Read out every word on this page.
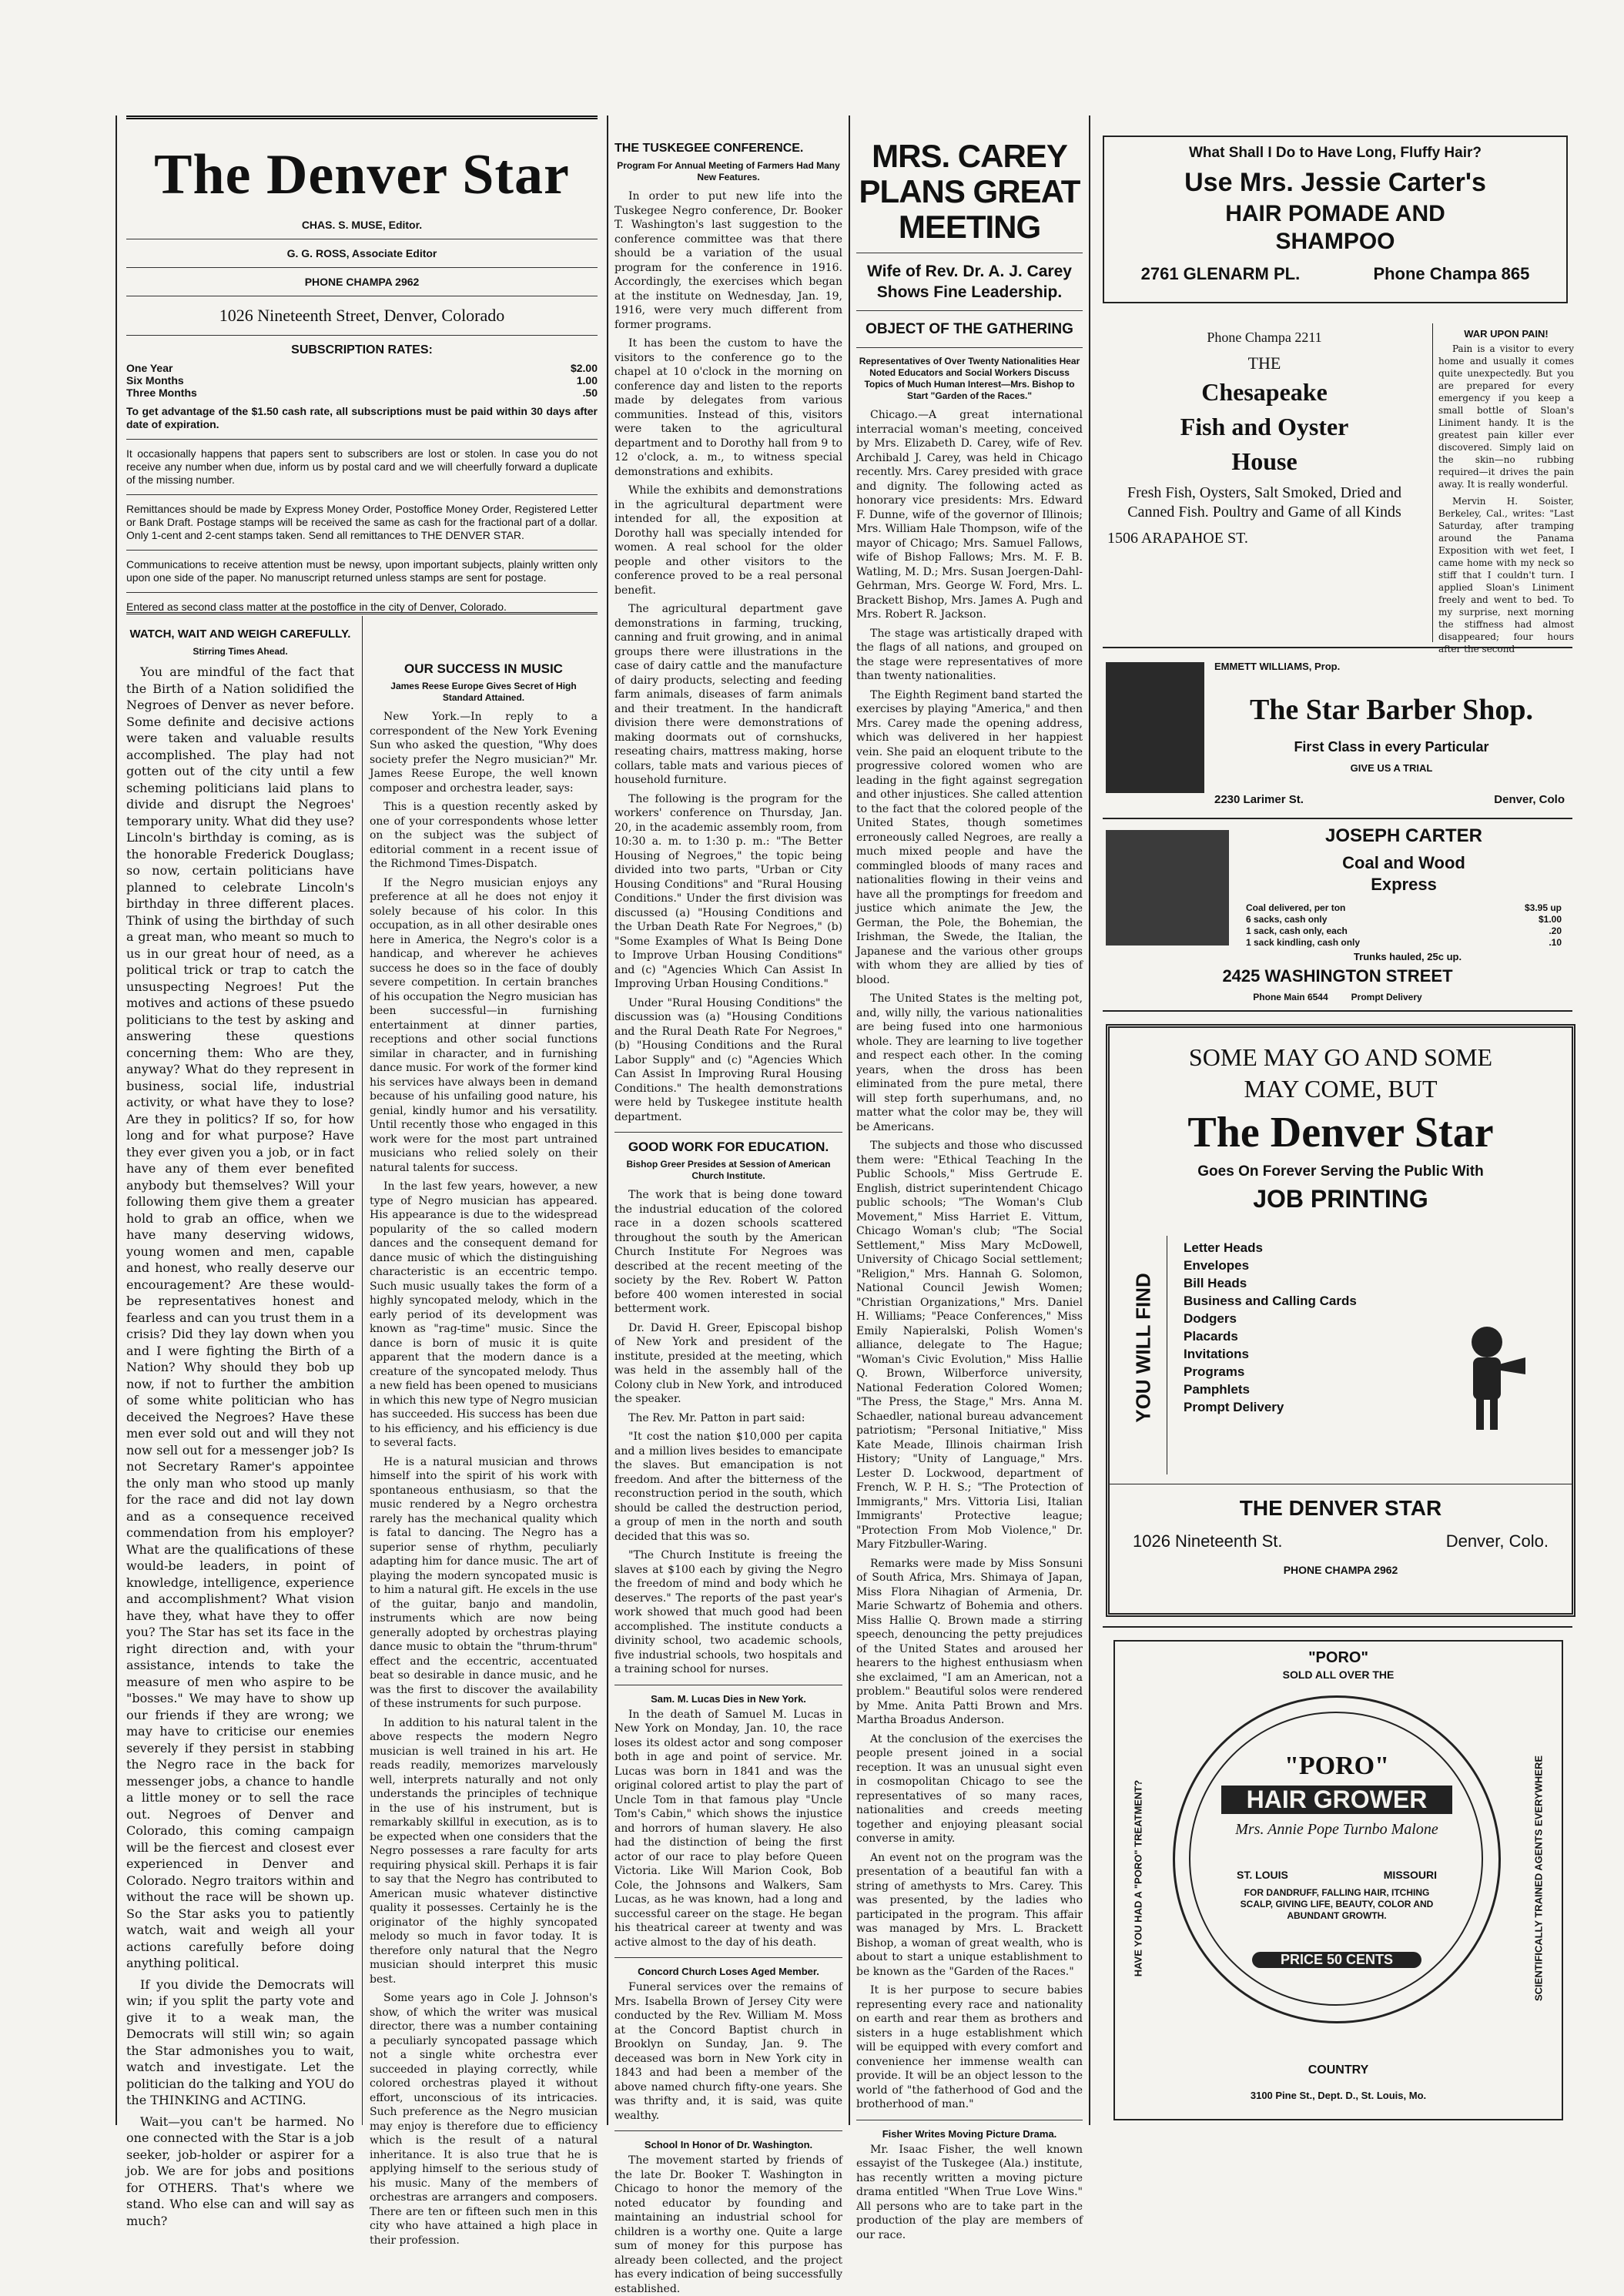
The Denver Star
CHAS. S. MUSE, Editor.
G. G. ROSS, Associate Editor
PHONE CHAMPA 2962
1026 Nineteenth Street, Denver, Colorado
SUBSCRIPTION RATES:
One Year	$2.00
Six Months	1.00
Three Months	.50
To get advantage of the $1.50 cash rate, all subscriptions must be paid within 30 days after date of expiration.
It occasionally happens that papers sent to subscribers are lost or stolen. In case you do not receive any number when due, inform us by postal card and we will cheerfully forward a duplicate of the missing number.
Remittances should be made by Express Money Order, Postoffice Money Order, Registered Letter or Bank Draft. Postage stamps will be received the same as cash for the fractional part of a dollar. Only 1-cent and 2-cent stamps taken. Send all remittances to THE DENVER STAR.
Communications to receive attention must be newsy, upon important subjects, plainly written only upon one side of the paper. No manuscript returned unless stamps are sent for postage.
Entered as second class matter at the postoffice in the city of Denver, Colorado.
WATCH, WAIT AND WEIGH CAREFULLY.
Stirring Times Ahead.

You are mindful of the fact that the Birth of a Nation solidified the Negroes of Denver as never before. Some definite and decisive actions were taken and valuable results accomplished. The play had not gotten out of the city until a few scheming politicians laid plans to divide and disrupt the Negroes' temporary unity. What did they use? Lincoln's birthday is coming, as is the honorable Frederick Douglass; so now, certain politicians have planned to celebrate Lincoln's birthday in three different places. Think of using the birthday of such a great man, who meant so much to us in our great hour of need, as a political trick or trap to catch the unsuspecting Negroes! Put the motives and actions of these psuedo politicians to the test by asking and answering these questions concerning them: Who are they, anyway? What do they represent in business, social life, industrial activity, or what have they to lose? Are they in politics? If so, for how long and for what purpose? Have they ever given you a job, or in fact have any of them ever benefited anybody but themselves? Will your following them give them a greater hold to grab an office, when we have many deserving widows, young women and men, capable and honest, who really deserve our encouragement? Are these would-be representatives honest and fearless and can you trust them in a crisis? Did they lay down when you and I were fighting the Birth of a Nation? Why should they bob up now, if not to further the ambition of some white politician who has deceived the Negroes? Have these men ever sold out and will they not now sell out for a messenger job? Is not Secretary Ramer's appointee the only man who stood up manly for the race and did not lay down and as a consequence received commendation from his employer? What are the qualifications of these would-be leaders, in point of knowledge, intelligence, experience and accomplishment? What vision have they, what have they to offer you? The Star has set its face in the right direction and, with your assistance, intends to take the measure of men who aspire to be "bosses." We may have to show up our friends if they are wrong; we may have to criticise our enemies severely if they persist in stabbing the Negro race in the back for messenger jobs, a chance to handle a little money or to sell the race out. Negroes of Denver and Colorado, this coming campaign will be the fiercest and closest ever experienced in Denver and Colorado. Negro traitors within and without the race will be shown up. So the Star asks you to patiently watch, wait and weigh all your actions carefully before doing anything political.

If you divide the Democrats will win; if you split the party vote and give it to a weak man, the Democrats will still win; so again the Star admonishes you to wait, watch and investigate. Let the politician do the talking and YOU do the THINKING and ACTING.

Wait—you can't be harmed. No one connected with the Star is a job seeker, job-holder or aspirer for a job. We are for jobs and positions for OTHERS. That's where we stand. Who else can and will say as much?

OUR SUCCESS IN MUSIC
James Reese Europe Gives Secret of High Standard Attained.

New York.—In reply to a correspondent of the New York Evening Sun who asked the question, "Why does society prefer the Negro musician?" Mr. James Reese Europe, the well known composer and orchestra leader, says:

This is a question recently asked by one of your correspondents whose letter on the subject was the subject of editorial comment in a recent issue of the Richmond Times-Dispatch.

If the Negro musician enjoys any preference at all he does not enjoy it solely because of his color. In this occupation, as in all other desirable ones here in America, the Negro's color is a handicap, and wherever he achieves success he does so in the face of doubly severe competition. In certain branches of his occupation the Negro musician has been successful—in furnishing entertainment at dinner parties, receptions and other social functions similar in character, and in furnishing dance music. For work of the former kind his services have always been in demand because of his unfailing good nature, his genial, kindly humor and his versatility. Until recently those who engaged in this work were for the most part untrained musicians who relied solely on their natural talents for success.

In the last few years, however, a new type of Negro musician has appeared. His appearance is due to the widespread popularity of the so called modern dances and the consequent demand for dance music of which the distinguishing characteristic is an eccentric tempo. Such music usually takes the form of a highly syncopated melody, which in the early period of its development was known as "rag-time" music. Since the dance is born of music it is quite apparent that the modern dance is a creature of the syncopated melody. Thus a new field has been opened to musicians in which this new type of Negro musician has succeeded. His success has been due to his efficiency, and his efficiency is due to several facts.

He is a natural musician and throws himself into the spirit of his work with spontaneous enthusiasm, so that the music rendered by a Negro orchestra rarely has the mechanical quality which is fatal to dancing. The Negro has a superior sense of rhythm, peculiarly adapting him for dance music. The art of playing the modern syncopated music is to him a natural gift. He excels in the use of the guitar, banjo and mandolin, instruments which are now being generally adopted by orchestras playing dance music to obtain the "thrum-thrum" effect and the eccentric, accentuated beat so desirable in dance music, and he was the first to discover the availability of these instruments for such purpose.

In addition to his natural talent in the above respects the modern Negro musician is well trained in his art. He reads readily, memorizes marvelously well, interprets naturally and not only understands the principles of technique in the use of his instrument, but is remarkably skillful in execution, as is to be expected when one considers that the Negro possesses a rare faculty for arts requiring physical skill. Perhaps it is fair to say that the Negro has contributed to American music whatever distinctive quality it possesses. Certainly he is the originator of the highly syncopated melody so much in favor today. It is therefore only natural that the Negro musician should interpret this music best.

Some years ago in Cole J. Johnson's show, of which the writer was musical director, there was a number containing a peculiarly syncopated passage which not a single white orchestra ever succeeded in playing correctly, while colored orchestras played it without effort, unconscious of its intricacies. Such preference as the Negro musician may enjoy is therefore due to efficiency which is the result of a natural inheritance. It is also true that he is applying himself to the serious study of his music. Many of the members of orchestras are arrangers and composers. There are ten or fifteen such men in this city who have attained a high place in their profession.

THE TUSKEGEE CONFERENCE.
Program For Annual Meeting of Farmers Had Many New Features.

In order to put new life into the Tuskegee Negro conference, Dr. Booker T. Washington's last suggestion to the conference committee was that there should be a variation of the usual program for the conference in 1916. Accordingly, the exercises which began at the institute on Wednesday, Jan. 19, 1916, were very much different from former programs.

It has been the custom to have the visitors to the conference go to the chapel at 10 o'clock in the morning on conference day and listen to the reports made by delegates from various communities. Instead of this, visitors were taken to the agricultural department and to Dorothy hall from 9 to 12 o'clock, a. m., to witness special demonstrations and exhibits.

While the exhibits and demonstrations in the agricultural department were intended for all, the exposition at Dorothy hall was specially intended for women. A real school for the older people and other visitors to the conference proved to be a real personal benefit.

The agricultural department gave demonstrations in farming, trucking, canning and fruit growing, and in animal groups there were illustrations in the case of dairy cattle and the manufacture of dairy products, selecting and feeding farm animals, diseases of farm animals and their treatment. In the handicraft division there were demonstrations of making doormats out of cornshucks, reseating chairs, mattress making, horse collars, table mats and various pieces of household furniture.

The following is the program for the workers' conference on Thursday, Jan. 20, in the academic assembly room, from 10:30 a. m. to 1:30 p. m.: "The Better Housing of Negroes," the topic being divided into two parts, "Urban or City Housing Conditions" and "Rural Housing Conditions." Under the first division was discussed (a) "Housing Conditions and the Urban Death Rate For Negroes," (b) "Some Examples of What Is Being Done to Improve Urban Housing Conditions" and (c) "Agencies Which Can Assist In Improving Urban Housing Conditions."

Under "Rural Housing Conditions" the discussion was (a) "Housing Conditions and the Rural Death Rate For Negroes," (b) "Housing Conditions and the Rural Labor Supply" and (c) "Agencies Which Can Assist In Improving Rural Housing Conditions." The health demonstrations were held by Tuskegee institute health department.

GOOD WORK FOR EDUCATION.
Bishop Greer Presides at Session of American Church Institute.

The work that is being done toward the industrial education of the colored race in a dozen schools scattered throughout the south by the American Church Institute For Negroes was described at the recent meeting of the society by the Rev. Robert W. Patton before 400 women interested in social betterment work.

Dr. David H. Greer, Episcopal bishop of New York and president of the institute, presided at the meeting, which was held in the assembly hall of the Colony club in New York, and introduced the speaker.

The Rev. Mr. Patton in part said:

"It cost the nation $10,000 per capita and a million lives besides to emancipate the slaves. But emancipation is not freedom. And after the bitterness of the reconstruction period in the south, which should be called the destruction period, a group of men in the north and south decided that this was so.

"The Church Institute is freeing the slaves at $100 each by giving the Negro the freedom of mind and body which he deserves." The reports of the past year's work showed that much good had been accomplished. The institute conducts a divinity school, two academic schools, five industrial schools, two hospitals and a training school for nurses.

Sam. M. Lucas Dies in New York.

In the death of Samuel M. Lucas in New York on Monday, Jan. 10, the race loses its oldest actor and song composer both in age and point of service. Mr. Lucas was born in 1841 and was the original colored artist to play the part of Uncle Tom in that famous play "Uncle Tom's Cabin," which shows the injustice and horrors of human slavery. He also had the distinction of being the first actor of our race to play before Queen Victoria. Like Will Marion Cook, Bob Cole, the Johnsons and Walkers, Sam Lucas, as he was known, had a long and successful career on the stage. He began his theatrical career at twenty and was active almost to the day of his death.

Concord Church Loses Aged Member.

Funeral services over the remains of Mrs. Isabella Brown of Jersey City were conducted by the Rev. William M. Moss at the Concord Baptist church in Brooklyn on Sunday, Jan. 9. The deceased was born in New York city in 1843 and had been a member of the above named church fifty-one years. She was thrifty and, it is said, was quite wealthy.

School In Honor of Dr. Washington.

The movement started by friends of the late Dr. Booker T. Washington in Chicago to honor the memory of the noted educator by founding and maintaining an industrial school for children is a worthy one. Quite a large sum of money for this purpose has already been collected, and the project has every indication of being successfully established.

MRS. CAREY PLANS GREAT MEETING
Wife of Rev. Dr. A. J. Carey Shows Fine Leadership.
OBJECT OF THE GATHERING
Representatives of Over Twenty Nationalities Hear Noted Educators and Social Workers Discuss Topics of Much Human Interest—Mrs. Bishop to Start "Garden of the Races."

Chicago.—A great international interracial woman's meeting, conceived by Mrs. Elizabeth D. Carey, wife of Rev. Archibald J. Carey, was held in Chicago recently. Mrs. Carey presided with grace and dignity. The following acted as honorary vice presidents: Mrs. Edward F. Dunne, wife of the governor of Illinois; Mrs. William Hale Thompson, wife of the mayor of Chicago; Mrs. Samuel Fallows, wife of Bishop Fallows; Mrs. M. F. B. Watling, M. D.; Mrs. Susan Joergen-Dahl-Gehrman, Mrs. George W. Ford, Mrs. L. Brackett Bishop, Mrs. James A. Pugh and Mrs. Robert R. Jackson.

The stage was artistically draped with the flags of all nations, and grouped on the stage were representatives of more than twenty nationalities.

The Eighth Regiment band started the exercises by playing "America," and then Mrs. Carey made the opening address, which was delivered in her happiest vein. She paid an eloquent tribute to the progressive colored women who are leading in the fight against segregation and other injustices. She called attention to the fact that the colored people of the United States, though sometimes erroneously called Negroes, are really a much mixed people and have the commingled bloods of many races and nationalities flowing in their veins and have all the promptings for freedom and justice which animate the Jew, the German, the Pole, the Bohemian, the Irishman, the Swede, the Italian, the Japanese and the various other groups with whom they are allied by ties of blood.

The United States is the melting pot, and, willy nilly, the various nationalities are being fused into one harmonious whole. They are learning to live together and respect each other. In the coming years, when the dross has been eliminated from the pure metal, there will step forth superhumans, and, no matter what the color may be, they will be Americans.

The subjects and those who discussed them were: "Ethical Teaching In the Public Schools," Miss Gertrude E. English, district superintendent Chicago public schools; "The Woman's Club Movement," Miss Harriet E. Vittum, Chicago Woman's club; "The Social Settlement," Miss Mary McDowell, University of Chicago Social settlement; "Religion," Mrs. Hannah G. Solomon, National Council Jewish Women; "Christian Organizations," Mrs. Daniel H. Williams; "Peace Conferences," Miss Emily Napieralski, Polish Women's alliance, delegate to The Hague; "Woman's Civic Evolution," Miss Hallie Q. Brown, Wilberforce university, National Federation Colored Women; "The Press, the Stage," Mrs. Anna M. Schaedler, national bureau advancement patriotism; "Personal Initiative," Miss Kate Meade, Illinois chairman Irish History; "Unity of Language," Mrs. Lester D. Lockwood, department of French, W. P. H. S.; "The Protection of Immigrants," Mrs. Vittoria Lisi, Italian Immigrants' Protective league; "Protection From Mob Violence," Dr. Mary Fitzbuller-Waring.

Remarks were made by Miss Sonsuni of South Africa, Mrs. Shimaya of Japan, Miss Flora Nihagian of Armenia, Dr. Marie Schwartz of Bohemia and others. Miss Hallie Q. Brown made a stirring speech, denouncing the petty prejudices of the United States and aroused her hearers to the highest enthusiasm when she exclaimed, "I am an American, not a problem." Beautiful solos were rendered by Mme. Anita Patti Brown and Mrs. Martha Broadus Anderson.

At the conclusion of the exercises the people present joined in a social reception. It was an unusual sight even in cosmopolitan Chicago to see the representatives of so many races, nationalities and creeds meeting together and enjoying pleasant social converse in amity.

An event not on the program was the presentation of a beautiful fan with a string of amethysts to Mrs. Carey. This was presented, by the ladies who participated in the program. This affair was managed by Mrs. L. Brackett Bishop, a woman of great wealth, who is about to start a unique establishment to be known as the "Garden of the Races."

It is her purpose to secure babies representing every race and nationality on earth and rear them as brothers and sisters in a huge establishment which will be equipped with every comfort and convenience her immense wealth can provide. It will be an object lesson to the world of "the fatherhood of God and the brotherhood of man."

Fisher Writes Moving Picture Drama.

Mr. Isaac Fisher, the well known essayist of the Tuskegee (Ala.) institute, has recently written a moving picture drama entitled "When True Love Wins." All persons who are to take part in the production of the play are members of our race.

What Shall I Do to Have Long, Fluffy Hair?
Use Mrs. Jessie Carter's
HAIR POMADE AND
SHAMPOO
2761 GLENARM PL.	Phone Champa 865
Phone Champa 2211
THE
Chesapeake
Fish and Oyster
House
Fresh Fish, Oysters, Salt Smoked, Dried and Canned Fish. Poultry and Game of all Kinds
1506 ARAPAHOE ST.
WAR UPON PAIN!

Pain is a visitor to every home and usually it comes quite unexpectedly. But you are prepared for every emergency if you keep a small bottle of Sloan's Liniment handy. It is the greatest pain killer ever discovered. Simply laid on the skin—no rubbing required—it drives the pain away. It is really wonderful.

Mervin H. Soister, Berkeley, Cal., writes: "Last Saturday, after tramping around the Panama Exposition with wet feet, I came home with my neck so stiff that I couldn't turn. I applied Sloan's Liniment freely and went to bed. To my surprise, next morning the stiffness had almost disappeared; four hours after the second

EMMETT WILLIAMS, Prop.
The Star Barber Shop.
First Class in every Particular
GIVE US A TRIAL
2230 Larimer St.	Denver, Colo
JOSEPH CARTER
Coal and Wood
Express
Coal delivered, per ton	$3.95 up
6 sacks, cash only	$1.00
1 sack, cash only, each	.20
1 sack kindling, cash only	.10
Trunks hauled, 25c up.
2425 WASHINGTON STREET
Phone Main 6544	Prompt Delivery
SOME MAY GO AND SOME
MAY COME, BUT
The Denver Star
Goes On Forever Serving the Public With
JOB PRINTING
YOU WILL FIND
Letter Heads
Envelopes
Bill Heads
Business and Calling Cards
Dodgers
Placards
Invitations
Programs
Pamphlets
Prompt Delivery
THE DENVER STAR
1026 Nineteenth St.	Denver, Colo.
PHONE CHAMPA 2962
"PORO"
SOLD ALL OVER THE
HAVE YOU HAD A "PORO" TREATMENT?	SCIENTIFICALLY TRAINED AGENTS EVERYWHERE
"PORO"
HAIR GROWER
Mrs. Annie Pope Turnbo Malone
ST. LOUIS	MISSOURI
FOR DANDRUFF, FALLING HAIR, ITCHING SCALP, GIVING LIFE, BEAUTY, COLOR AND ABUNDANT GROWTH.
PRICE 50 CENTS
COUNTRY
3100 Pine St., Dept. D., St. Louis, Mo.
